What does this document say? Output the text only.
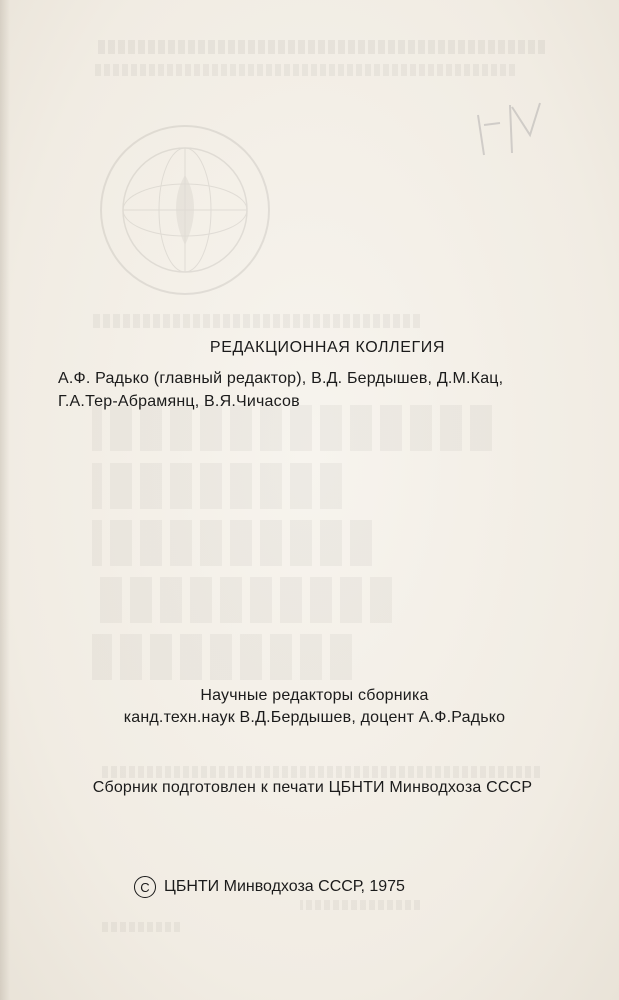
РЕДАКЦИОННАЯ КОЛЛЕГИЯ
А.Ф. Радько (главный редактор), В.Д. Бердышев, Д.М.Кац,
Г.А.Тер-Абрамянц, В.Я.Чичасов
Научные редакторы сборника
канд.техн.наук В.Д.Бердышев, доцент А.Ф.Радько
Сборник подготовлен к печати ЦБНТИ Минводхоза СССР
C ЦБНТИ Минводхоза СССР, 1975
